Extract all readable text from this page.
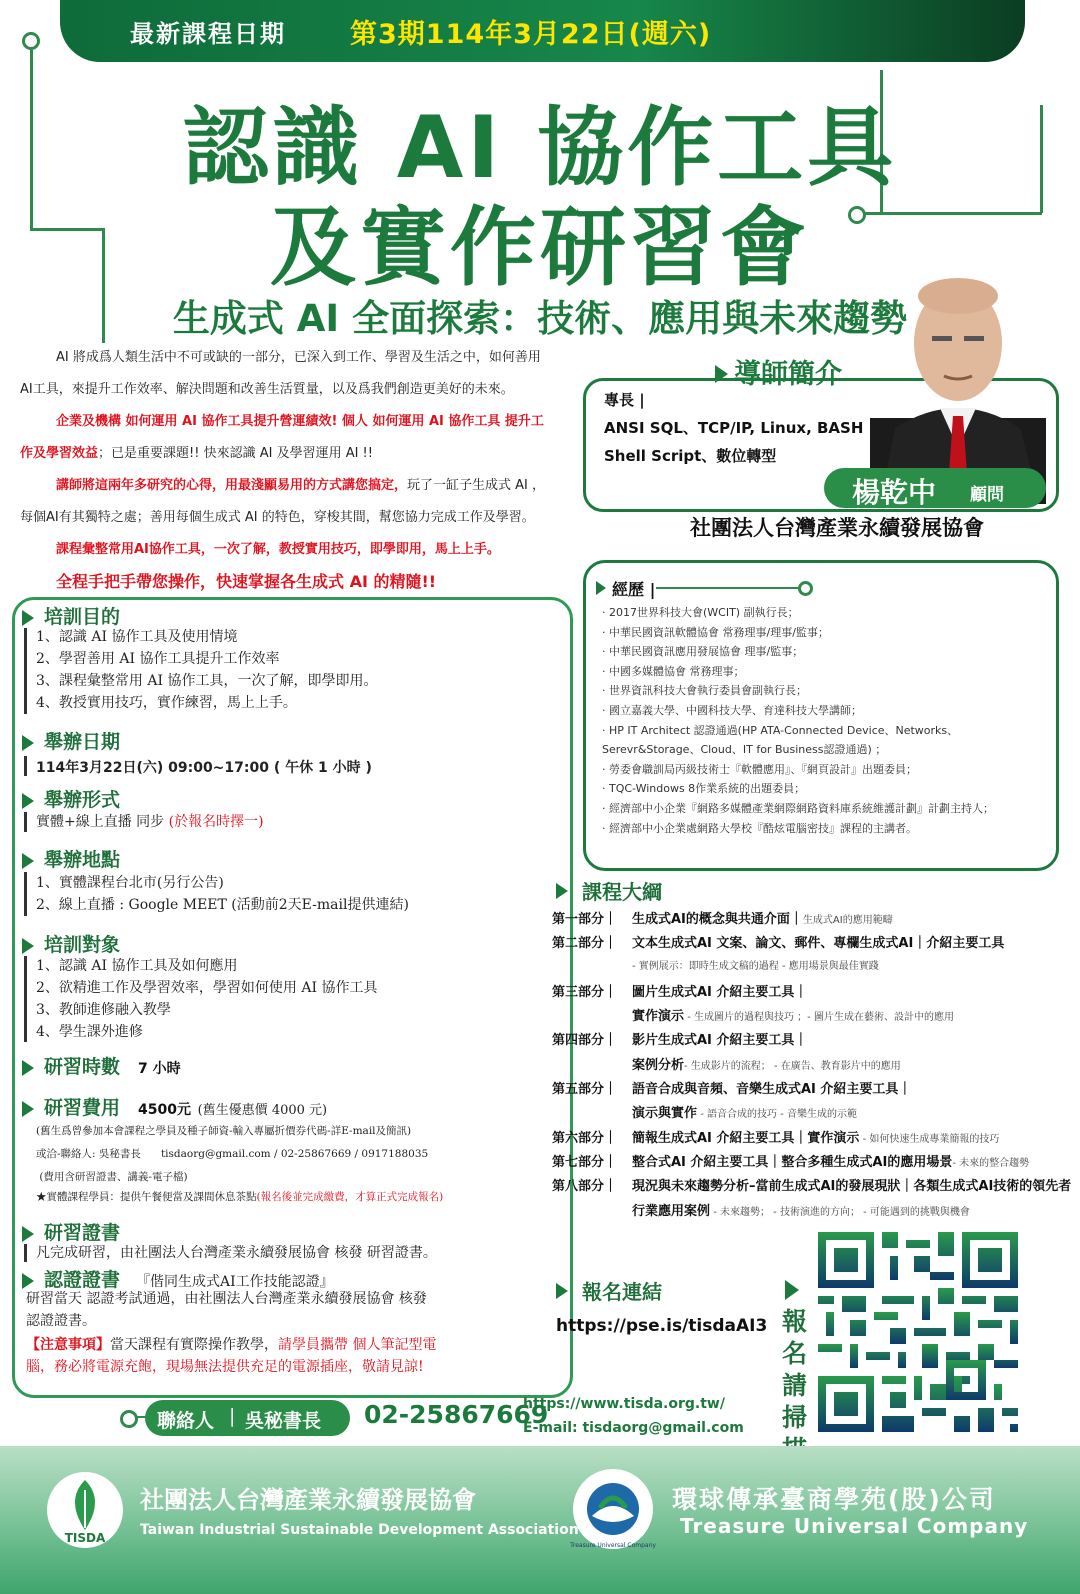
最新課程日期 第3期114年3月22日(週六)
認識 AI 協作工具
及實作研習會
生成式 AI 全面探索：技術、應用與未來趨勢
AI 將成爲人類生活中不可或缺的一部分，已深入到工作、學習及生活之中，如何善用
AI工具，來提升工作效率、解決問題和改善生活質量，以及爲我們創造更美好的未來。
企業及機構 如何運用 AI 協作工具提升營運績效! 個人 如何運用 AI 協作工具 提升工
作及學習效益；已是重要課題!! 快來認識 AI 及學習運用 AI !!
講師將這兩年多研究的心得，用最淺顯易用的方式講您搞定，玩了一缸子生成式 AI ，
每個AI有其獨特之處；善用每個生成式 AI 的特色，穿梭其間，幫您協力完成工作及學習。
課程彙整常用AI協作工具，一次了解，教授實用技巧，即學即用，馬上上手。
全程手把手帶您操作，快速掌握各生成式 AI 的精隨!!
專長 |
ANSI SQL、TCP/IP, Linux, BASH
Shell Script、數位轉型
導師簡介
楊乾中 顧問
社團法人台灣產業永續發展協會
經歷 |
· 2017世界科技大會(WCIT) 副執行長；
· 中華民國資訊軟體協會 常務理事/理事/監事；
· 中華民國資訊應用發展協會 理事/監事；
· 中國多媒體協會 常務理事；
· 世界資訊科技大會執行委員會副執行長；
· 國立嘉義大學、中國科技大學、育達科技大學講師；
· HP IT Architect 認證通過(HP ATA-Connected Device、Networks、
Serevr&Storage、Cloud、IT for Business認證通過) ；
· 勞委會職訓局丙級技術士『軟體應用』、『網頁設計』出題委員；
· TQC-Windows 8作業系統的出題委員；
· 經濟部中小企業『網路多媒體產業網際網路資料庫系統維護計劃』計劃主持人；
· 經濟部中小企業處網路大學校『酷炫電腦密技』課程的主講者。
培訓目的
1、認識 AI 協作工具及使用情境
2、學習善用 AI 協作工具提升工作效率
3、課程彙整常用 AI 協作工具，一次了解，即學即用。
4、教授實用技巧，實作練習，馬上上手。
舉辦日期
114年3月22日(六) 09:00~17:00 ( 午休 1 小時 )
舉辦形式
實體+線上直播 同步 (於報名時擇一)
舉辦地點
1、實體課程台北市(另行公告)
2、線上直播 : Google MEET (活動前2天E-mail提供連結)
培訓對象
1、認識 AI 協作工具及如何應用
2、欲精進工作及學習效率，學習如何使用 AI 協作工具
3、教師進修融入教學
4、學生課外進修
研習時數 7 小時
研習費用 4500元 (舊生優惠價 4000 元)
(舊生爲曾參加本會課程之學員及種子師資-輸入專屬折價券代碼-詳E-mail及簡訊)
或洽-聯絡人: 吳秘書長      tisdaorg@gmail.com / 02-25867669 / 0917188035
(費用含研習證書、講義-電子檔)
★實體課程學員：提供午餐便當及課間休息茶點(報名後並完成繳費，才算正式完成報名)
研習證書
凡完成研習，由社團法人台灣產業永續發展協會 核發 研習證書。
認證證書 『偕同生成式AI工作技能認證』
研習當天 認證考試通過，由社團法人台灣產業永續發展協會 核發
認證證書。
【注意事項】當天課程有實際操作教學，請學員攜帶 個人筆記型電
腦，務必將電源充飽，現場無法提供充足的電源插座，敬請見諒!
課程大綱
第一部分｜ 生成式AI的概念與共通介面｜生成式AI的應用範疇
第二部分｜ 文本生成式AI 文案、論文、郵件、專欄生成式AI｜介紹主要工具
- 實例展示：即時生成文稿的過程 - 應用場景與最佳實踐
第三部分｜ 圖片生成式AI 介紹主要工具｜
實作演示 - 生成圖片的過程與技巧 ；- 圖片生成在藝術、設計中的應用
第四部分｜ 影片生成式AI 介紹主要工具｜
案例分析- 生成影片的流程； - 在廣告、教育影片中的應用
第五部分｜ 語音合成與音頻、音樂生成式AI 介紹主要工具｜
演示與實作 - 語音合成的技巧 - 音樂生成的示範
第六部分｜ 簡報生成式AI 介紹主要工具｜實作演示 - 如何快速生成專業簡報的技巧
第七部分｜ 整合式AI 介紹主要工具｜整合多種生成式AI的應用場景- 未來的整合趨勢
第八部分｜ 現況與未來趨勢分析–當前生成式AI的發展現狀｜各類生成式AI技術的領先者
行業應用案例 - 未來趨勢； - 技術演進的方向； - 可能遇到的挑戰與機會
報名連結
https://pse.is/tisdaAI3 報名請掃
聯絡人 | 吳秘書長 02-25867669
https://www.tisda.org.tw/
E-mail: tisdaorg@gmail.com
TISDA
社團法人台灣產業永續發展協會
Taiwan Industrial Sustainable Development Association
Treasure Universal Company
環球傳承臺商學苑(股)公司
Treasure Universal Company
